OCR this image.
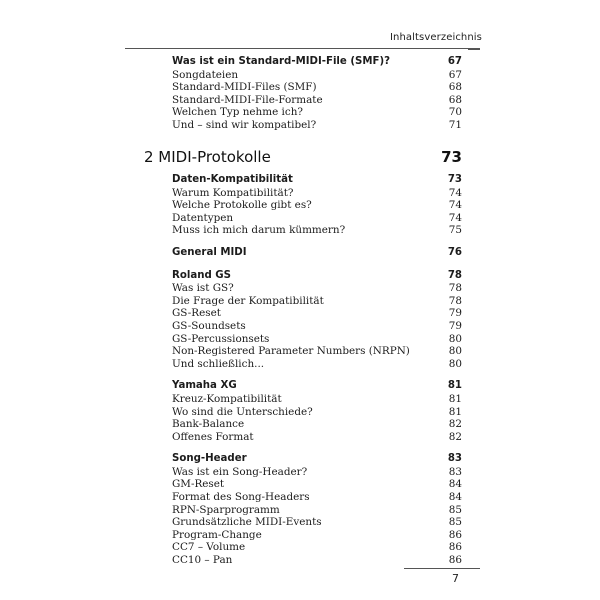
Inhaltsverzeichnis
Was ist ein Standard-MIDI-File (SMF)?	67
Songdateien	67
Standard-MIDI-Files (SMF)	68
Standard-MIDI-File-Formate	68
Welchen Typ nehme ich?	70
Und – sind wir kompatibel?	71
2 MIDI-Protokolle	73
Daten-Kompatibilität	73
Warum Kompatibilität?	74
Welche Protokolle gibt es?	74
Datentypen	74
Muss ich mich darum kümmern?	75
General MIDI	76
Roland GS	78
Was ist GS?	78
Die Frage der Kompatibilität	78
GS-Reset	79
GS-Soundsets	79
GS-Percussionsets	80
Non-Registered Parameter Numbers (NRPN)	80
Und schließlich...	80
Yamaha XG	81
Kreuz-Kompatibilität	81
Wo sind die Unterschiede?	81
Bank-Balance	82
Offenes Format	82
Song-Header	83
Was ist ein Song-Header?	83
GM-Reset	84
Format des Song-Headers	84
RPN-Sparprogramm	85
Grundsätzliche MIDI-Events	85
Program-Change	86
CC7 – Volume	86
CC10 – Pan	86
7
